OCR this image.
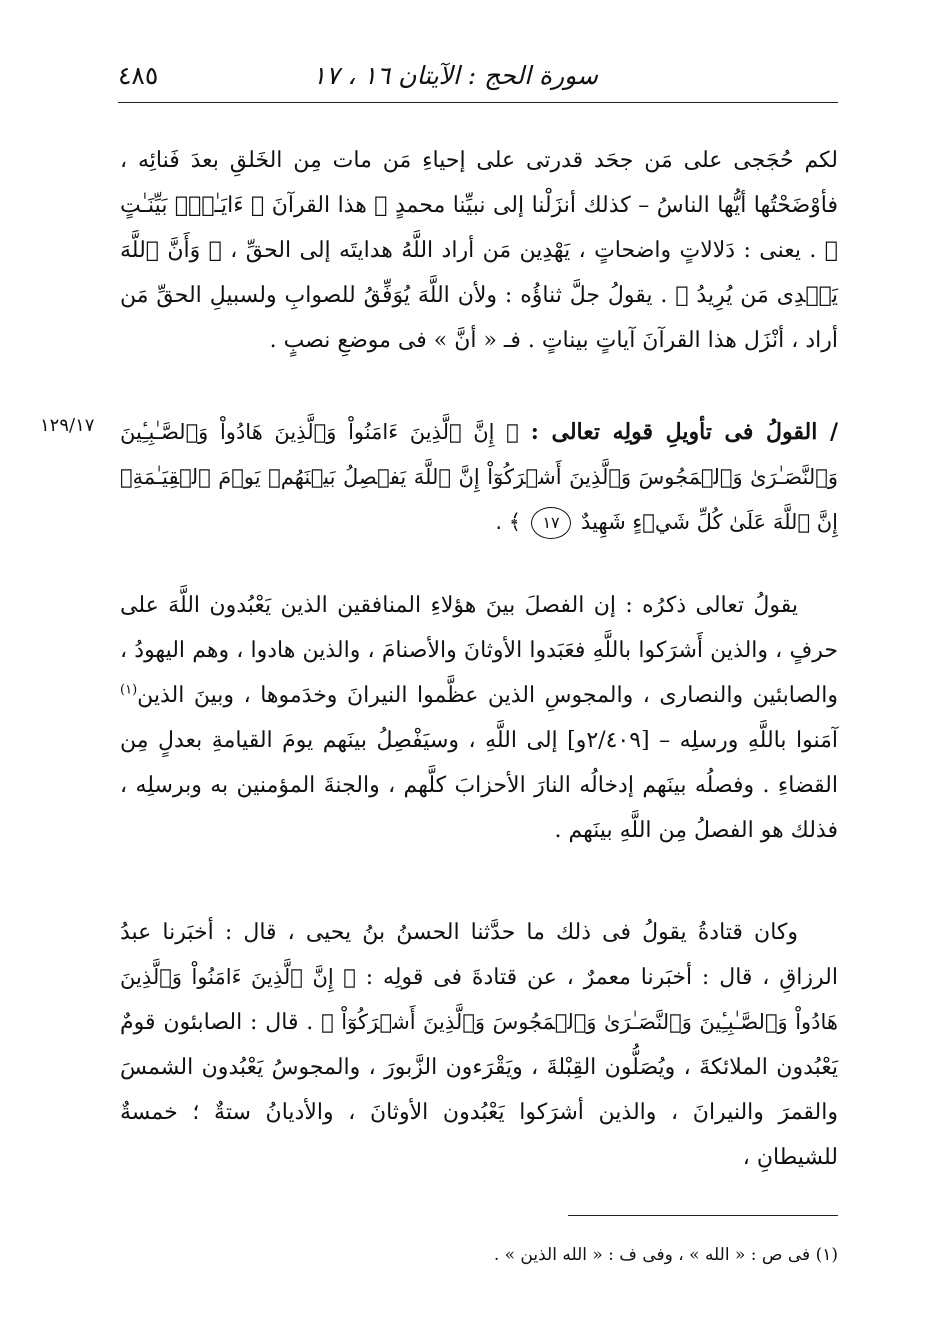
سورة الحج : الآيتان ١٦ ، ١٧
٤٨٥

لكم حُجَجى على مَن جحَد قدرتى على إحياءِ مَن مات مِن الخَلقِ بعدَ فَنائِه ، فأوْضَحْتُها أيُّها الناسُ – كذلك أنزَلْنا إلى نبيِّنا محمدٍ ﷺ هذا القرآنَ ﴿ ءَايَـٰتِۭ بَيِّنَـٰتٍ ﴾ . يعنى : دَلالاتٍ واضحاتٍ ، يَهْدِين مَن أراد اللَّهُ هدايتَه إلى الحقِّ ، ﴿ وَأَنَّ ٱللَّهَ يَهۡدِى مَن يُرِيدُ ﴾ . يقولُ جلَّ ثناؤُه : ولأن اللَّهَ يُوَفِّقُ للصوابِ ولسبيلِ الحقِّ مَن أراد ، أنْزَل هذا القرآنَ آياتٍ بيناتٍ . فـ « أنَّ » فى موضعِ نصبٍ .

١٢٩/١٧	/ القولُ فى تأويلِ قولِه تعالى : ﴿ إِنَّ ٱلَّذِينَ ءَامَنُواْ وَٱلَّذِينَ هَادُواْ وَٱلصَّـٰبِـِٔينَ وَٱلنَّصَـٰرَىٰ وَٱلۡمَجُوسَ وَٱلَّذِينَ أَشۡرَكُوٓاْ إِنَّ ٱللَّهَ يَفۡصِلُ بَيۡنَهُمۡ يَوۡمَ ٱلۡقِيَـٰمَةِۚ إِنَّ ٱللَّهَ عَلَىٰ كُلِّ شَيۡءٍ شَهِيدٌ ١٧ ﴾ .

يقولُ تعالى ذكرُه : إن الفصلَ بينَ هؤلاءِ المنافقين الذين يَعْبُدون اللَّهَ على حرفٍ ، والذين أَشرَكوا باللَّهِ فعَبَدوا الأوثانَ والأصنامَ ، والذين هادوا ، وهم اليهودُ ، والصابئين والنصارى ، والمجوسِ الذين عظَّموا النيرانَ وخدَموها ، وبينَ الذين$^{(١)}$ آمَنوا باللَّهِ ورسلِه – [٢/٤٠٩و] إلى اللَّهِ ، وسيَفْصِلُ بينَهم يومَ القيامةِ بعدلٍ مِن القضاءِ . وفصلُه بينَهم إدخالُه النارَ الأحزابَ كلَّهم ، والجنةَ المؤمنين به وبرسلِه ، فذلك هو الفصلُ مِن اللَّهِ بينَهم .

وكان قتادةُ يقولُ فى ذلك ما حدَّثنا الحسنُ بنُ يحيى ، قال : أخبَرنا عبدُ الرزاقِ ، قال : أخبَرنا معمرٌ ، عن قتادةَ فى قولِه : ﴿ إِنَّ ٱلَّذِينَ ءَامَنُواْ وَٱلَّذِينَ هَادُواْ وَٱلصَّـٰبِـِٔينَ وَٱلنَّصَـٰرَىٰ وَٱلۡمَجُوسَ وَٱلَّذِينَ أَشۡرَكُوٓاْ ﴾ . قال : الصابئون قومٌ يَعْبُدون الملائكةَ ، ويُصَلُّون القِبْلةَ ، ويَقْرَءون الزَّبورَ ، والمجوسُ يَعْبُدون الشمسَ والقمرَ والنيرانَ ، والذين أشرَكوا يَعْبُدون الأوثانَ ، والأديانُ ستةٌ ؛ خمسةٌ للشيطانِ ،

(١) فى ص : « الله » ، وفى ف : « الله الذين » .
